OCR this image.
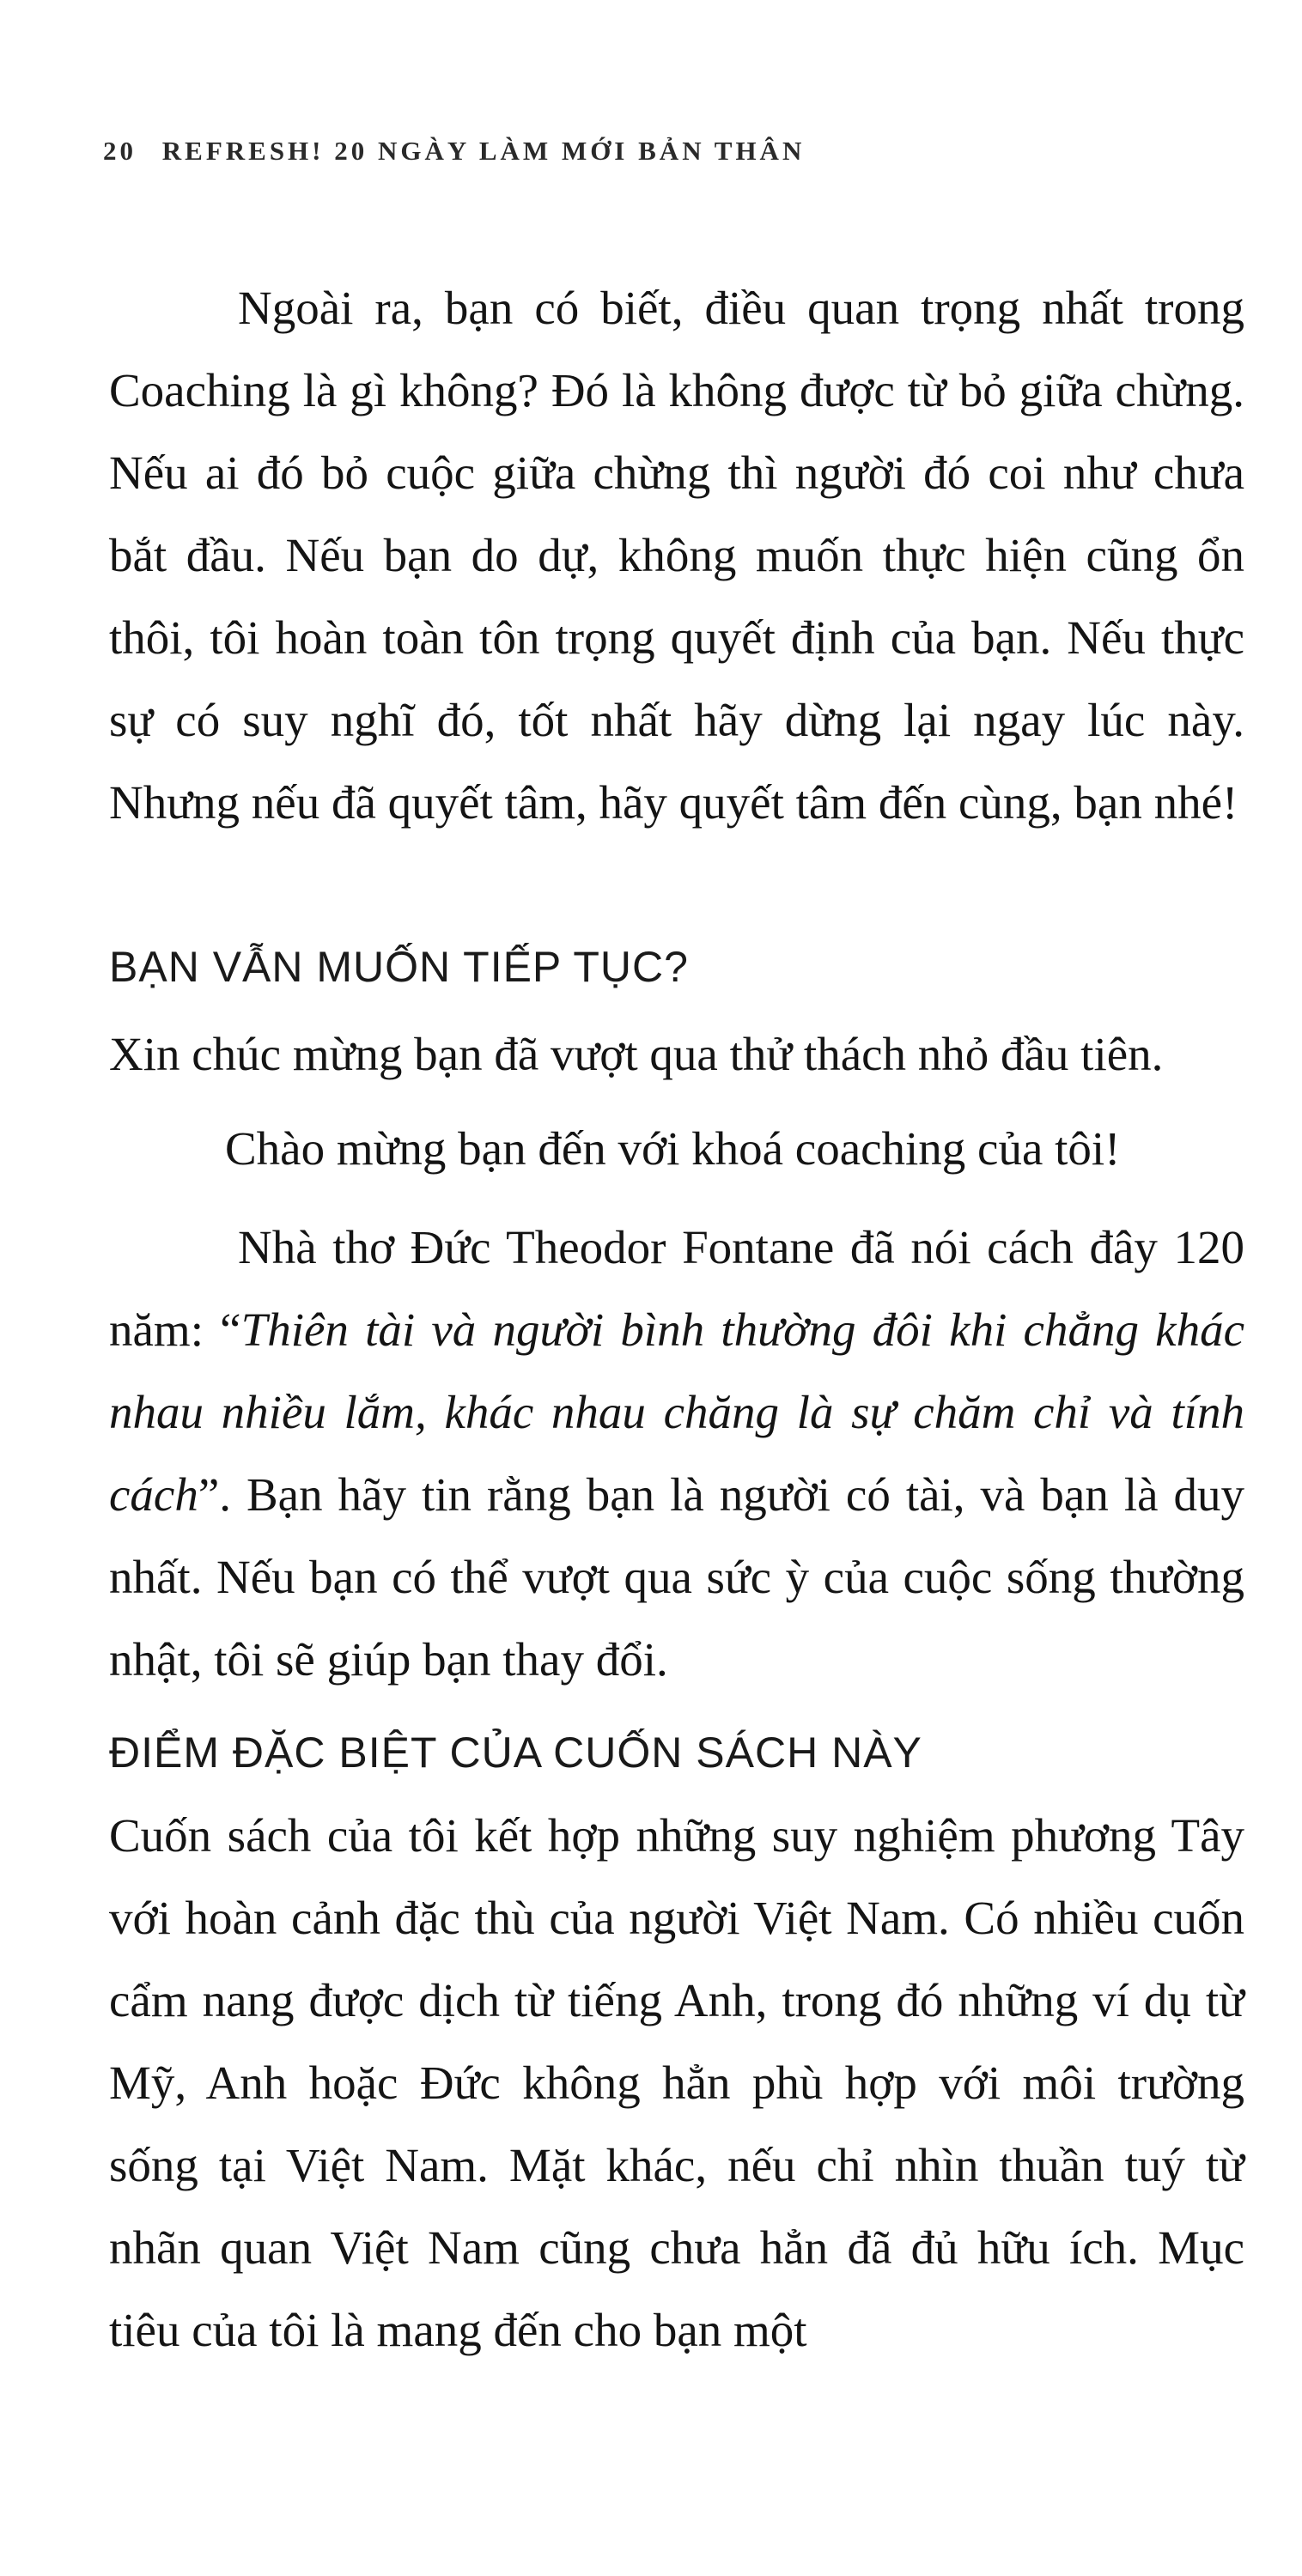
20 REFRESH! 20 NGÀY LÀM MỚI BẢN THÂN

Ngoài ra, bạn có biết, điều quan trọng nhất trong Coaching là gì không? Đó là không được từ bỏ giữa chừng. Nếu ai đó bỏ cuộc giữa chừng thì người đó coi như chưa bắt đầu. Nếu bạn do dự, không muốn thực hiện cũng ổn thôi, tôi hoàn toàn tôn trọng quyết định của bạn. Nếu thực sự có suy nghĩ đó, tốt nhất hãy dừng lại ngay lúc này. Nhưng nếu đã quyết tâm, hãy quyết tâm đến cùng, bạn nhé!

BẠN VẪN MUỐN TIẾP TỤC?

Xin chúc mừng bạn đã vượt qua thử thách nhỏ đầu tiên.

Chào mừng bạn đến với khoá coaching của tôi!

Nhà thơ Đức Theodor Fontane đã nói cách đây 120 năm: “Thiên tài và người bình thường đôi khi chẳng khác nhau nhiều lắm, khác nhau chăng là sự chăm chỉ và tính cách”. Bạn hãy tin rằng bạn là người có tài, và bạn là duy nhất. Nếu bạn có thể vượt qua sức ỳ của cuộc sống thường nhật, tôi sẽ giúp bạn thay đổi.

ĐIỂM ĐẶC BIỆT CỦA CUỐN SÁCH NÀY

Cuốn sách của tôi kết hợp những suy nghiệm phương Tây với hoàn cảnh đặc thù của người Việt Nam. Có nhiều cuốn cẩm nang được dịch từ tiếng Anh, trong đó những ví dụ từ Mỹ, Anh hoặc Đức không hẳn phù hợp với môi trường sống tại Việt Nam. Mặt khác, nếu chỉ nhìn thuần tuý từ nhãn quan Việt Nam cũng chưa hẳn đã đủ hữu ích. Mục tiêu của tôi là mang đến cho bạn một
